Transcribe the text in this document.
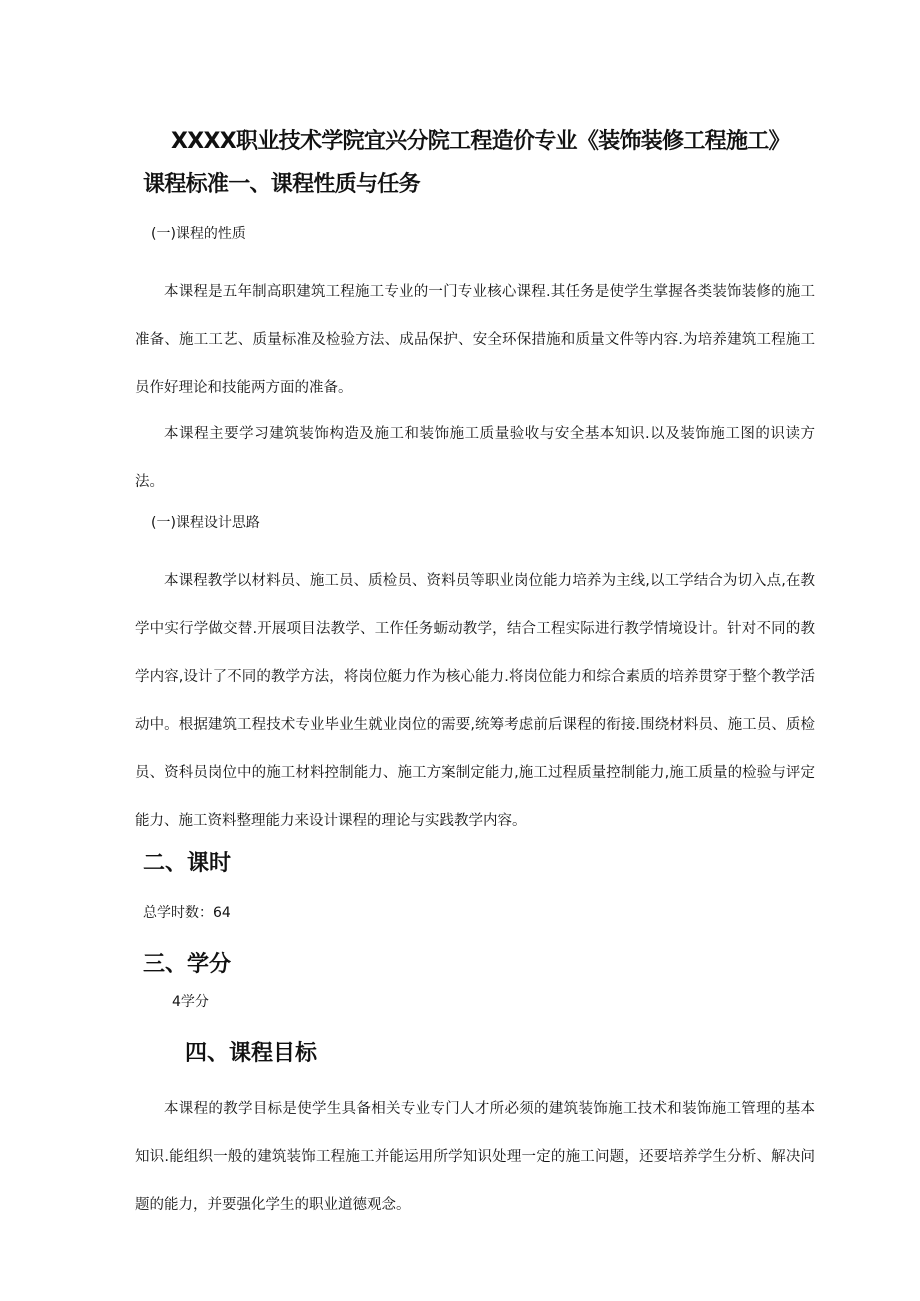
XXXX职业技术学院宜兴分院工程造价专业《装饰装修工程施工》
课程标准一、课程性质与任务

(一)课程的性质

本课程是五年制高职建筑工程施工专业的一门专业核心课程.其任务是使学生掌握各类装饰装修的施工准备、施工工艺、质量标准及检验方法、成品保护、安全环保措施和质量文件等内容.为培养建筑工程施工员作好理论和技能两方面的准备。

本课程主要学习建筑装饰构造及施工和装饰施工质量验收与安全基本知识.以及装饰施工图的识读方法。

(一)课程设计思路

本课程教学以材料员、施工员、质检员、资料员等职业岗位能力培养为主线,以工学结合为切入点,在教学中实行学做交替.开展项目法教学、工作任务蛎动教学，结合工程实际进行教学情境设计。针对不同的教学内容,设计了不同的教学方法，将岗位艇力作为核心能力.将岗位能力和综合素质的培养贯穿于整个教学活动中。根据建筑工程技术专业毕业生就业岗位的需要,统筹考虑前后课程的衔接.围绕材料员、施工员、质检员、资科员岗位中的施工材料控制能力、施工方案制定能力,施工过程质量控制能力,施工质量的检验与评定能力、施工资料整理能力来设计课程的理论与实践教学内容。

二、课时

总学时数：64

三、学分

4学分

四、课程目标

本课程的教学目标是使学生具备相关专业专门人才所必须的建筑装饰施工技术和装饰施工管理的基本知识.能组织一般的建筑装饰工程施工并能运用所学知识处理一定的施工问题，还要培养学生分析、解决问题的能力，并要强化学生的职业道德观念。
